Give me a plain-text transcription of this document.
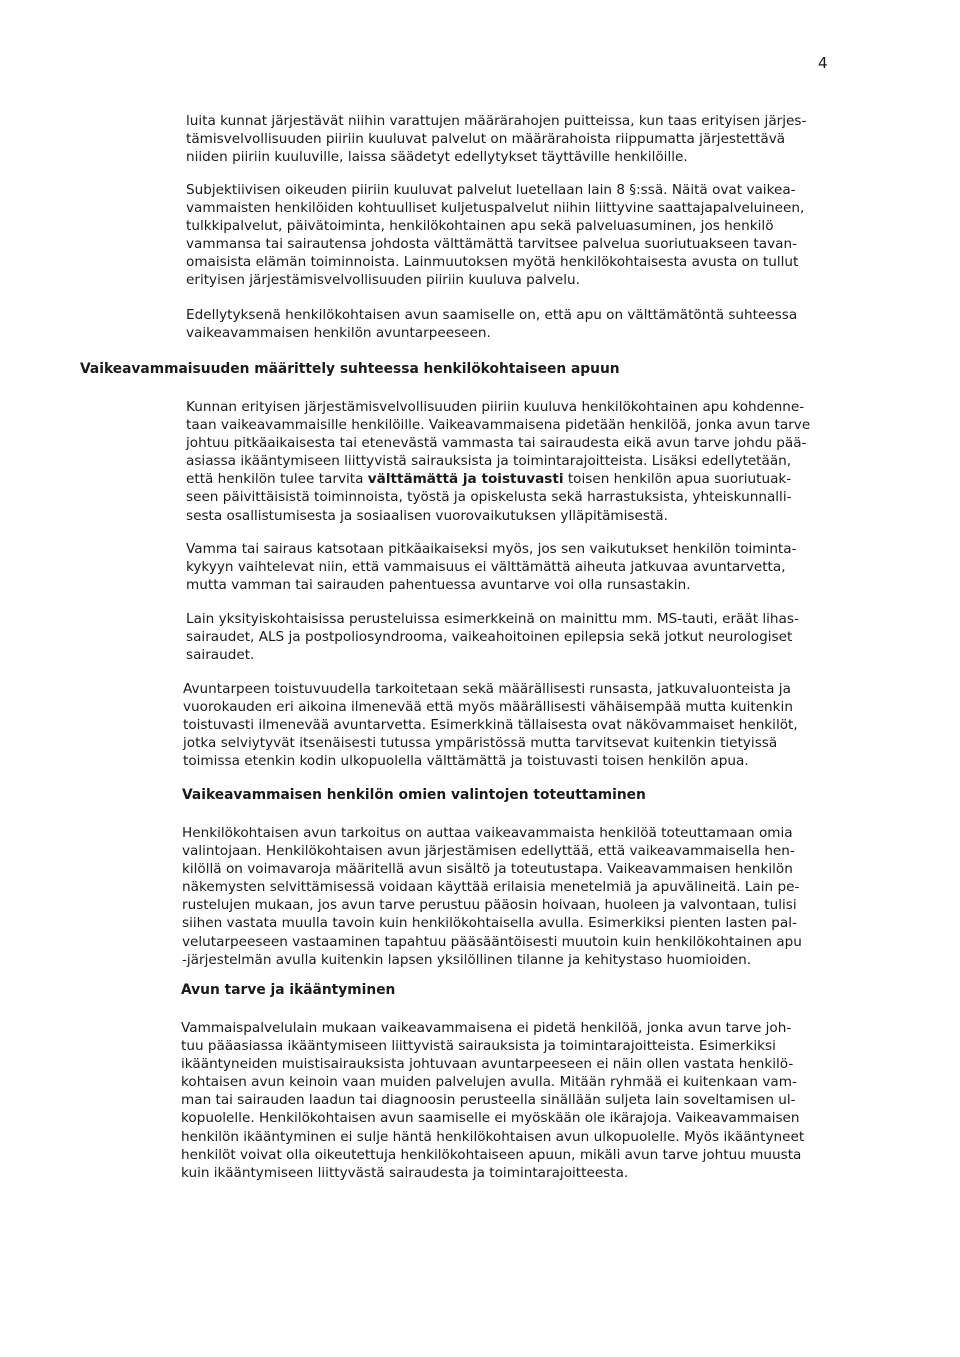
4
luita kunnat järjestävät niihin varattujen määrärahojen puitteissa, kun taas erityisen järjes-
tämisvelvollisuuden piiriin kuuluvat palvelut on määrärahoista riippumatta järjestettävä
niiden piiriin kuuluville, laissa säädetyt edellytykset täyttäville henkilöille.
Subjektiivisen oikeuden piiriin kuuluvat palvelut luetellaan lain 8 §:ssä. Näitä ovat vaikea-
vammaisten henkilöiden kohtuulliset kuljetuspalvelut niihin liittyvine saattajapalveluineen,
tulkkipalvelut, päivätoiminta, henkilökohtainen apu sekä palveluasuminen, jos henkilö
vammansa tai sairautensa johdosta välttämättä tarvitsee palvelua suoriutuakseen tavan-
omaisista elämän toiminnoista. Lainmuutoksen myötä henkilökohtaisesta avusta on tullut
erityisen järjestämisvelvollisuuden piiriin kuuluva palvelu.
Edellytyksenä henkilökohtaisen avun saamiselle on, että apu on välttämätöntä suhteessa
vaikeavammaisen henkilön avuntarpeeseen.
Vaikeavammaisuuden määrittely suhteessa henkilökohtaiseen apuun
Kunnan erityisen järjestämisvelvollisuuden piiriin kuuluva henkilökohtainen apu kohdenne-
taan vaikeavammaisille henkilöille. Vaikeavammaisena pidetään henkilöä, jonka avun tarve
johtuu pitkäaikaisesta tai etenevästä vammasta tai sairaudesta eikä avun tarve johdu pää-
asiassa ikääntymiseen liittyvistä sairauksista ja toimintarajoitteista. Lisäksi edellytetään,
että henkilön tulee tarvita välttämättä ja toistuvasti toisen henkilön apua suoriutuak-
seen päivittäisistä toiminnoista, työstä ja opiskelusta sekä harrastuksista, yhteiskunnalli-
sesta osallistumisesta ja sosiaalisen vuorovaikutuksen ylläpitämisestä.
Vamma tai sairaus katsotaan pitkäaikaiseksi myös, jos sen vaikutukset henkilön toiminta-
kykyyn vaihtelevat niin, että vammaisuus ei välttämättä aiheuta jatkuvaa avuntarvetta,
mutta vamman tai sairauden pahentuessa avuntarve voi olla runsastakin.
Lain yksityiskohtaisissa perusteluissa esimerkkeinä on mainittu mm. MS-tauti, eräät lihas-
sairaudet, ALS ja postpoliosyndrooma, vaikeahoitoinen epilepsia sekä jotkut neurologiset
sairaudet.
Avuntarpeen toistuvuudella tarkoitetaan sekä määrällisesti runsasta, jatkuvaluonteista ja
vuorokauden eri aikoina ilmenevää että myös määrällisesti vähäisempää mutta kuitenkin
toistuvasti ilmenevää avuntarvetta. Esimerkkinä tällaisesta ovat näkövammaiset henkilöt,
jotka selviytyvät itsenäisesti tutussa ympäristössä mutta tarvitsevat kuitenkin tietyissä
toimissa etenkin kodin ulkopuolella välttämättä ja toistuvasti toisen henkilön apua.
Vaikeavammaisen henkilön omien valintojen toteuttaminen
Henkilökohtaisen avun tarkoitus on auttaa vaikeavammaista henkilöä toteuttamaan omia
valintojaan. Henkilökohtaisen avun järjestämisen edellyttää, että vaikeavammaisella hen-
kilöllä on voimavaroja määritellä avun sisältö ja toteutustapa. Vaikeavammaisen henkilön
näkemysten selvittämisessä voidaan käyttää erilaisia menetelmiä ja apuvälineitä. Lain pe-
rustelujen mukaan, jos avun tarve perustuu pääosin hoivaan, huoleen ja valvontaan, tulisi
siihen vastata muulla tavoin kuin henkilökohtaisella avulla. Esimerkiksi pienten lasten pal-
velutarpeeseen vastaaminen tapahtuu pääsääntöisesti muutoin kuin henkilökohtainen apu
-järjestelmän avulla kuitenkin lapsen yksilöllinen tilanne ja kehitystaso huomioiden.
Avun tarve ja ikääntyminen
Vammaispalvelulain mukaan vaikeavammaisena ei pidetä henkilöä, jonka avun tarve joh-
tuu pääasiassa ikääntymiseen liittyvistä sairauksista ja toimintarajoitteista. Esimerkiksi
ikääntyneiden muistisairauksista johtuvaan avuntarpeeseen ei näin ollen vastata henkilö-
kohtaisen avun keinoin vaan muiden palvelujen avulla. Mitään ryhmää ei kuitenkaan vam-
man tai sairauden laadun tai diagnoosin perusteella sinällään suljeta lain soveltamisen ul-
kopuolelle. Henkilökohtaisen avun saamiselle ei myöskään ole ikärajoja. Vaikeavammaisen
henkilön ikääntyminen ei sulje häntä henkilökohtaisen avun ulkopuolelle. Myös ikääntyneet
henkilöt voivat olla oikeutettuja henkilökohtaiseen apuun, mikäli avun tarve johtuu muusta
kuin ikääntymiseen liittyvästä sairaudesta ja toimintarajoitteesta.
